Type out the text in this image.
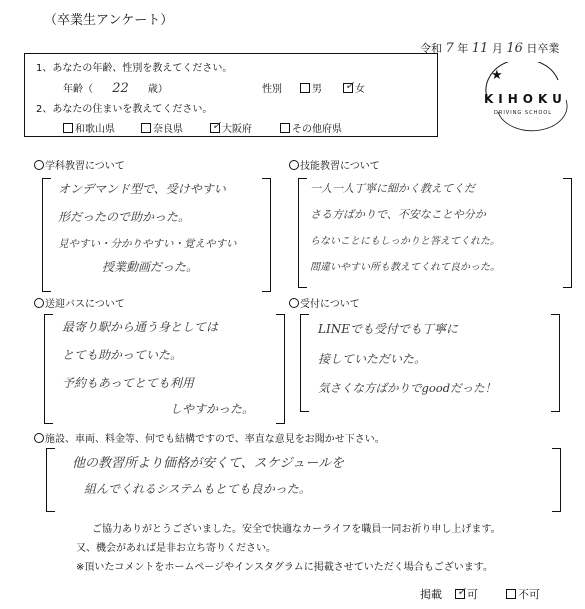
（卒業生アンケート）
令和 7 年 11 月 16 日卒業
★
KIHOKU
DRIVING SCHOOL
1、あなたの年齢、性別を教えてください。
年齢（ 22 歳）	性別	男 ✓ 女
2、あなたの住まいを教えてください。
和歌山県	奈良県	✓ 大阪府	その他府県
学科教習について
オンデマンド型で、受けやすい
形だったので助かった。
見やすい・分かりやすい・覚えやすい
授業動画だった。
技能教習について
一人一人丁寧に細かく教えてくだ
さる方ばかりで、不安なことや分か
らないことにもしっかりと答えてくれた。
間違いやすい所も教えてくれて良かった。
送迎バスについて
最寄り駅から通う身としては
とても助かっていた。
予約もあってとても利用
しやすかった。
受付について
LINEでも受付でも丁寧に
接していただいた。
気さくな方ばかりでgoodだった！
施設、車両、料金等、何でも結構ですので、率直な意見をお聞かせ下さい。
他の教習所より価格が安くて、スケジュールを
組んでくれるシステムもとても良かった。
ご協力ありがとうございました。安全で快適なカーライフを職員一同お祈り申し上げます。
又、機会があれば是非お立ち寄りください。
※頂いたコメントをホームページやインスタグラムに掲載させていただく場合もございます。
掲載 ✓ 可	不可
